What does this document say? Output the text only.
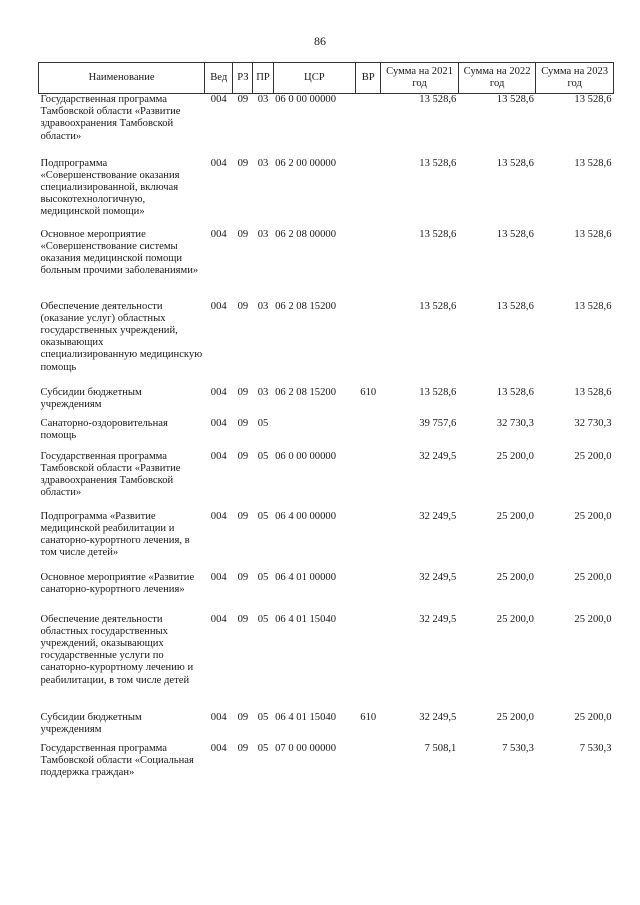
86
Наименование	Вед	РЗ	ПР	ЦСР	ВР	Сумма на 2021 год	Сумма на 2022 год	Сумма на 2023 год
Государственная программа Тамбовской области «Развитие здравоохранения Тамбовской области»	004	09	03	06 0 00 00000		13 528,6	13 528,6	13 528,6
Подпрограмма «Совершенствование оказания специализированной, включая высокотехнологичную, медицинской помощи»	004	09	03	06 2 00 00000		13 528,6	13 528,6	13 528,6
Основное мероприятие «Совершенствование системы оказания медицинской помощи больным прочими заболеваниями»	004	09	03	06 2 08 00000		13 528,6	13 528,6	13 528,6
Обеспечение деятельности (оказание услуг) областных государственных учреждений, оказывающих специализированную медицинскую помощь	004	09	03	06 2 08 15200		13 528,6	13 528,6	13 528,6
Субсидии бюджетным учреждениям	004	09	03	06 2 08 15200	610	13 528,6	13 528,6	13 528,6
Санаторно-оздоровительная помощь	004	09	05			39 757,6	32 730,3	32 730,3
Государственная программа Тамбовской области «Развитие здравоохранения Тамбовской области»	004	09	05	06 0 00 00000		32 249,5	25 200,0	25 200,0
Подпрограмма «Развитие медицинской реабилитации и санаторно-курортного лечения, в том числе детей»	004	09	05	06 4 00 00000		32 249,5	25 200,0	25 200,0
Основное мероприятие «Развитие санаторно-курортного лечения»	004	09	05	06 4 01 00000		32 249,5	25 200,0	25 200,0
Обеспечение деятельности областных государственных учреждений, оказывающих государственные услуги по санаторно-курортному лечению и реабилитации, в том числе детей	004	09	05	06 4 01 15040		32 249,5	25 200,0	25 200,0
Субсидии бюджетным учреждениям	004	09	05	06 4 01 15040	610	32 249,5	25 200,0	25 200,0
Государственная программа Тамбовской области «Социальная поддержка граждан»	004	09	05	07 0 00 00000		7 508,1	7 530,3	7 530,3
